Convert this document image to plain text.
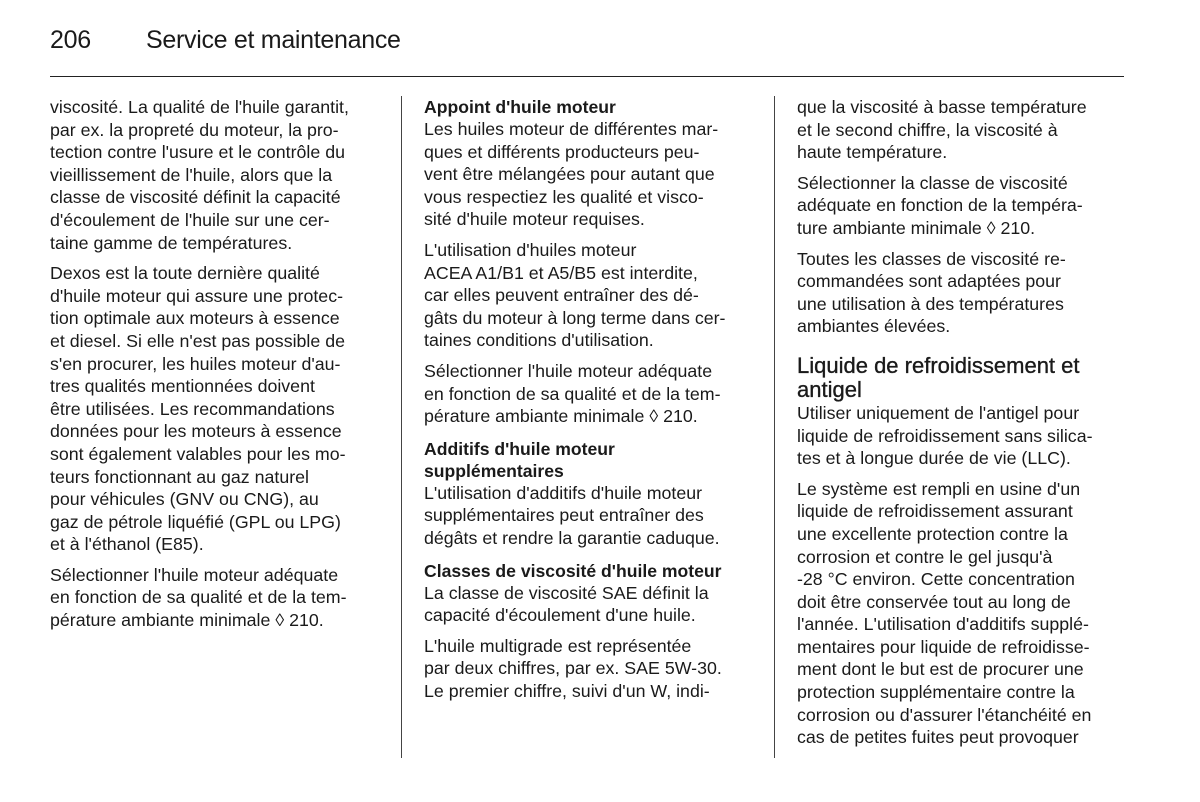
206 Service et maintenance

viscosité. La qualité de l'huile garantit,
par ex. la propreté du moteur, la pro-
tection contre l'usure et le contrôle du
vieillissement de l'huile, alors que la
classe de viscosité définit la capacité
d'écoulement de l'huile sur une cer-
taine gamme de températures.

Dexos est la toute dernière qualité
d'huile moteur qui assure une protec-
tion optimale aux moteurs à essence
et diesel. Si elle n'est pas possible de
s'en procurer, les huiles moteur d'au-
tres qualités mentionnées doivent
être utilisées. Les recommandations
données pour les moteurs à essence
sont également valables pour les mo-
teurs fonctionnant au gaz naturel
pour véhicules (GNV ou CNG), au
gaz de pétrole liquéfié (GPL ou LPG)
et à l'éthanol (E85).

Sélectionner l'huile moteur adéquate
en fonction de sa qualité et de la tem-
pérature ambiante minimale ◊ 210.

Appoint d'huile moteur

Les huiles moteur de différentes mar-
ques et différents producteurs peu-
vent être mélangées pour autant que
vous respectiez les qualité et visco-
sité d'huile moteur requises.

L'utilisation d'huiles moteur
ACEA A1/B1 et A5/B5 est interdite,
car elles peuvent entraîner des dé-
gâts du moteur à long terme dans cer-
taines conditions d'utilisation.

Sélectionner l'huile moteur adéquate
en fonction de sa qualité et de la tem-
pérature ambiante minimale ◊ 210.

Additifs d'huile moteur
supplémentaires

L'utilisation d'additifs d'huile moteur
supplémentaires peut entraîner des
dégâts et rendre la garantie caduque.

Classes de viscosité d'huile moteur

La classe de viscosité SAE définit la
capacité d'écoulement d'une huile.

L'huile multigrade est représentée
par deux chiffres, par ex. SAE 5W-30.
Le premier chiffre, suivi d'un W, indi-

que la viscosité à basse température
et le second chiffre, la viscosité à
haute température.

Sélectionner la classe de viscosité
adéquate en fonction de la tempéra-
ture ambiante minimale ◊ 210.

Toutes les classes de viscosité re-
commandées sont adaptées pour
une utilisation à des températures
ambiantes élevées.

Liquide de refroidissement et
antigel

Utiliser uniquement de l'antigel pour
liquide de refroidissement sans silica-
tes et à longue durée de vie (LLC).

Le système est rempli en usine d'un
liquide de refroidissement assurant
une excellente protection contre la
corrosion et contre le gel jusqu'à
-28 °C environ. Cette concentration
doit être conservée tout au long de
l'année. L'utilisation d'additifs supplé-
mentaires pour liquide de refroidisse-
ment dont le but est de procurer une
protection supplémentaire contre la
corrosion ou d'assurer l'étanchéité en
cas de petites fuites peut provoquer
